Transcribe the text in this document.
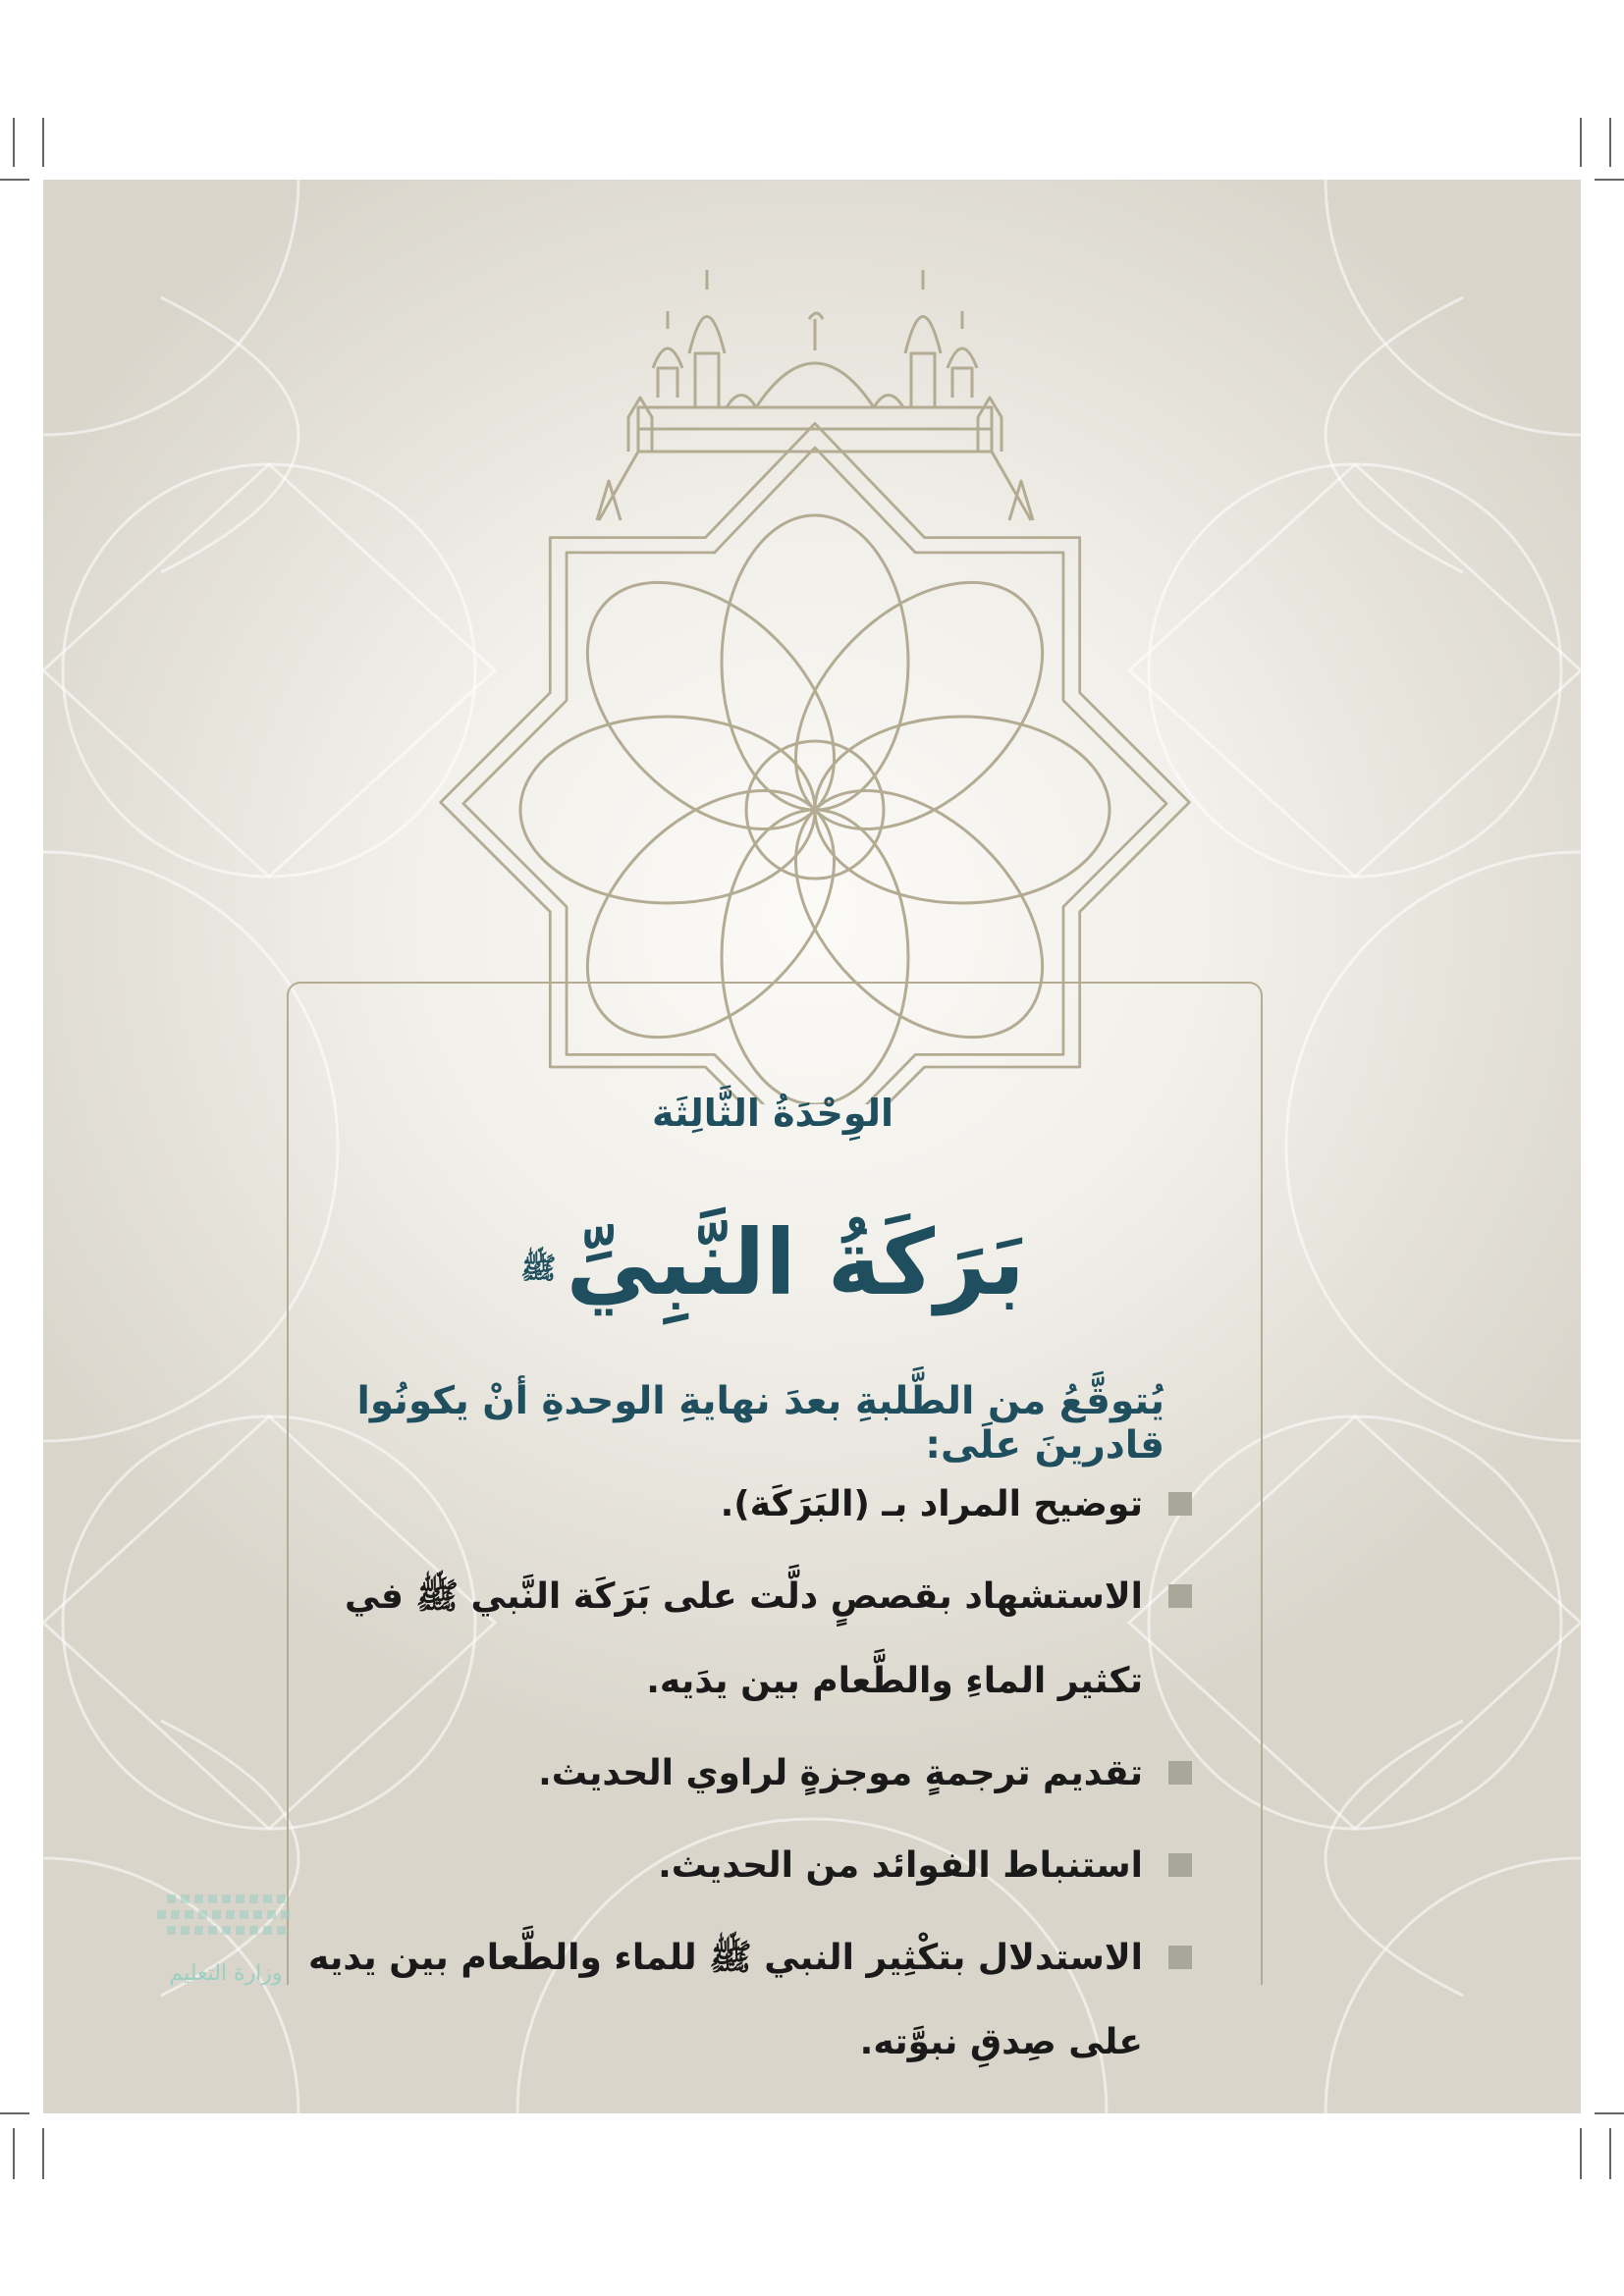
الوِحْدَةُ الثَّالِثَة
بَرَكَةُ النَّبِيِّﷺ
يُتوقَّعُ من الطَّلبةِ بعدَ نهايةِ الوحدةِ أنْ يكونُوا قادرينَ علَى:
توضيح المراد بـ (البَرَكَة).
الاستشهاد بقصصٍ دلَّت على بَرَكَة النَّبي ﷺ في تكثير الماءِ والطَّعام بين يدَيه.
تقديم ترجمةٍ موجزةٍ لراوي الحديث.
استنباط الفوائد من الحديث.
الاستدلال بتكْثِير النبي ﷺ للماء والطَّعام بين يديه على صِدقِ نبوَّته.
وزارة التعليم
